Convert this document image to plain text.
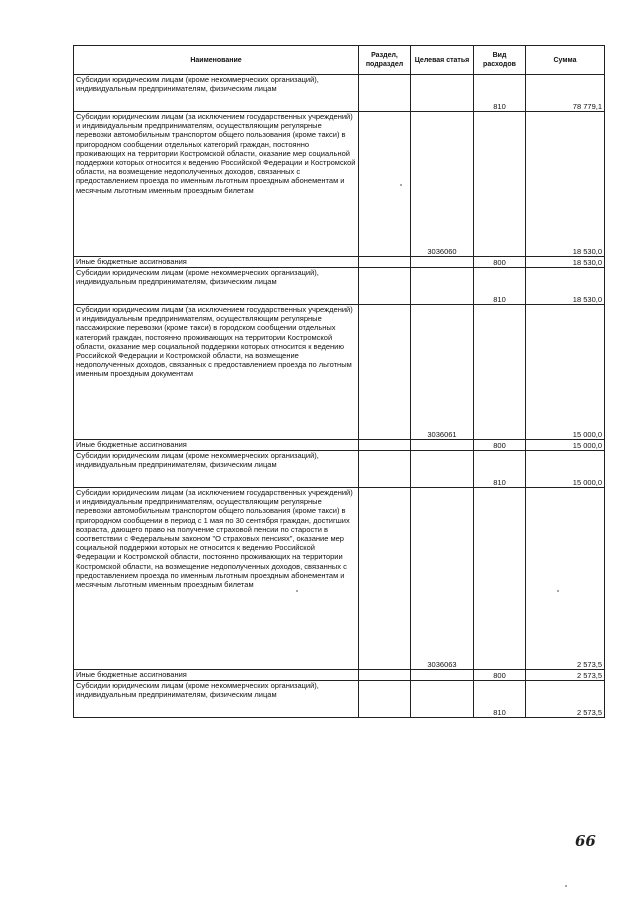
Наименование	Раздел, подраздел	Целевая статья	Вид расходов	Сумма
Субсидии юридическим лицам (кроме некоммерческих организаций), индивидуальным предпринимателям, физическим лицам			810	78 779,1
Субсидии юридическим лицам (за исключением государственных учреждений) и индивидуальным предпринимателям, осуществляющим регулярные перевозки автомобильным транспортом общего пользования (кроме такси) в пригородном сообщении отдельных категорий граждан, постоянно проживающих на территории Костромской области, оказание мер социальной поддержки которых относится к ведению Российской Федерации и Костромской области, на возмещение недополученных доходов, связанных с предоставлением проезда по именным льготным проездным абонементам и месячным льготным именным проездным билетам		3036060		18 530,0
Иные бюджетные ассигнования			800	18 530,0
Субсидии юридическим лицам (кроме некоммерческих организаций), индивидуальным предпринимателям, физическим лицам			810	18 530,0
Субсидии юридическим лицам (за исключением государственных учреждений) и индивидуальным предпринимателям, осуществляющим регулярные пассажирские перевозки (кроме такси) в городском сообщении отдельных категорий граждан, постоянно проживающих на территории Костромской области, оказание мер социальной поддержки которых относится к ведению Российской Федерации и Костромской области, на возмещение недополученных доходов, связанных с предоставлением проезда по льготным именным проездным документам		3036061		15 000,0
Иные бюджетные ассигнования			800	15 000,0
Субсидии юридическим лицам (кроме некоммерческих организаций), индивидуальным предпринимателям, физическим лицам			810	15 000,0
Субсидии юридическим лицам (за исключением государственных учреждений) и индивидуальным предпринимателям, осуществляющим регулярные перевозки автомобильным транспортом общего пользования (кроме такси) в пригородном сообщении в период с 1 мая по 30 сентября граждан, достигших возраста, дающего право на получение страховой пенсии по старости в соответствии с Федеральным законом "О страховых пенсиях", оказание мер социальной поддержки которых не относится к ведению Российской Федерации и Костромской области, постоянно проживающих на территории Костромской области, на возмещение недополученных доходов, связанных с предоставлением проезда по именным льготным проездным абонементам и месячным льготным именным проездным билетам		3036063		2 573,5
Иные бюджетные ассигнования			800	2 573,5
Субсидии юридическим лицам (кроме некоммерческих организаций), индивидуальным предпринимателям, физическим лицам			810	2 573,5
66
